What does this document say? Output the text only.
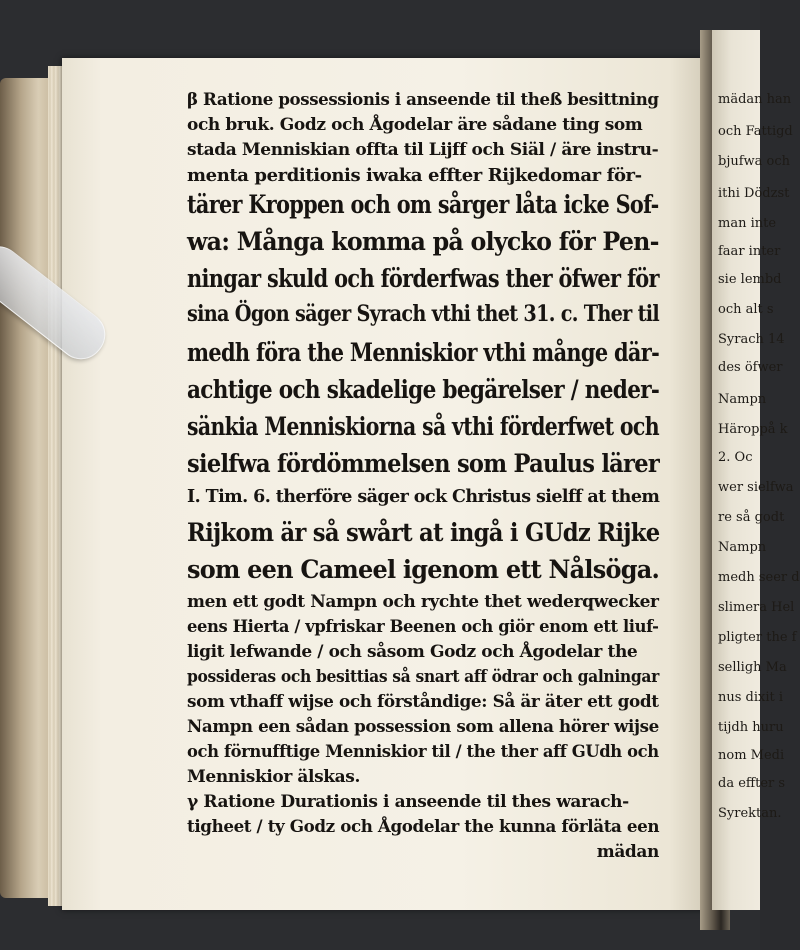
mädan han
och Fattigd
bjufwa och
ithi Dödzst
man inte
faar inter
sie lembd
och alt s
Syrach 14
des öfwer
Nampn
Häroppå k
2. Oc
wer sielfwa
re så godt
Nampn
medh seer d
slimera Hel
pligter the f
selligh Ma
nus dixit i
tijdh huru
nom Medi
da effter s
Syrektan.
β Ratione possessionis i anseende til theß besittning
och bruk. Godz och Ågodelar äre sådane ting som
stada Menniskian offta til Lijff och Siäl / äre instru-
menta perditionis iwaka effter Rijkedomar för-
tärer Kroppen och om sårger låta icke Sof-
wa: Många komma på olycko för Pen-
ningar skuld och förderfwas ther öfwer för
sina Ögon säger Syrach vthi thet 31. c. Ther til
medh föra the Menniskior vthi månge där-
achtige och skadelige begärelser / neder-
sänkia Menniskiorna så vthi förderfwet och
sielfwa fördömmelsen som Paulus lärer
I. Tim. 6. therföre säger ock Christus sielff at them
Rijkom är så swårt at ingå i GUdz Rijke
som een Cameel igenom ett Nålsöga.
men ett godt Nampn och rychte thet wederqwecker
eens Hierta / vpfriskar Beenen och giör enom ett liuf-
ligit lefwande / och såsom Godz och Ågodelar the
possideras och besittias så snart aff ödrar och galningar
som vthaff wijse och förståndige: Så är äter ett godt
Nampn een sådan possession som allena hörer wijse
och förnufftige Menniskior til / the ther aff GUdh och
Menniskior älskas.
γ Ratione Durationis i anseende til thes warach-
tigheet / ty Godz och Ågodelar the kunna förläta een
mädan
